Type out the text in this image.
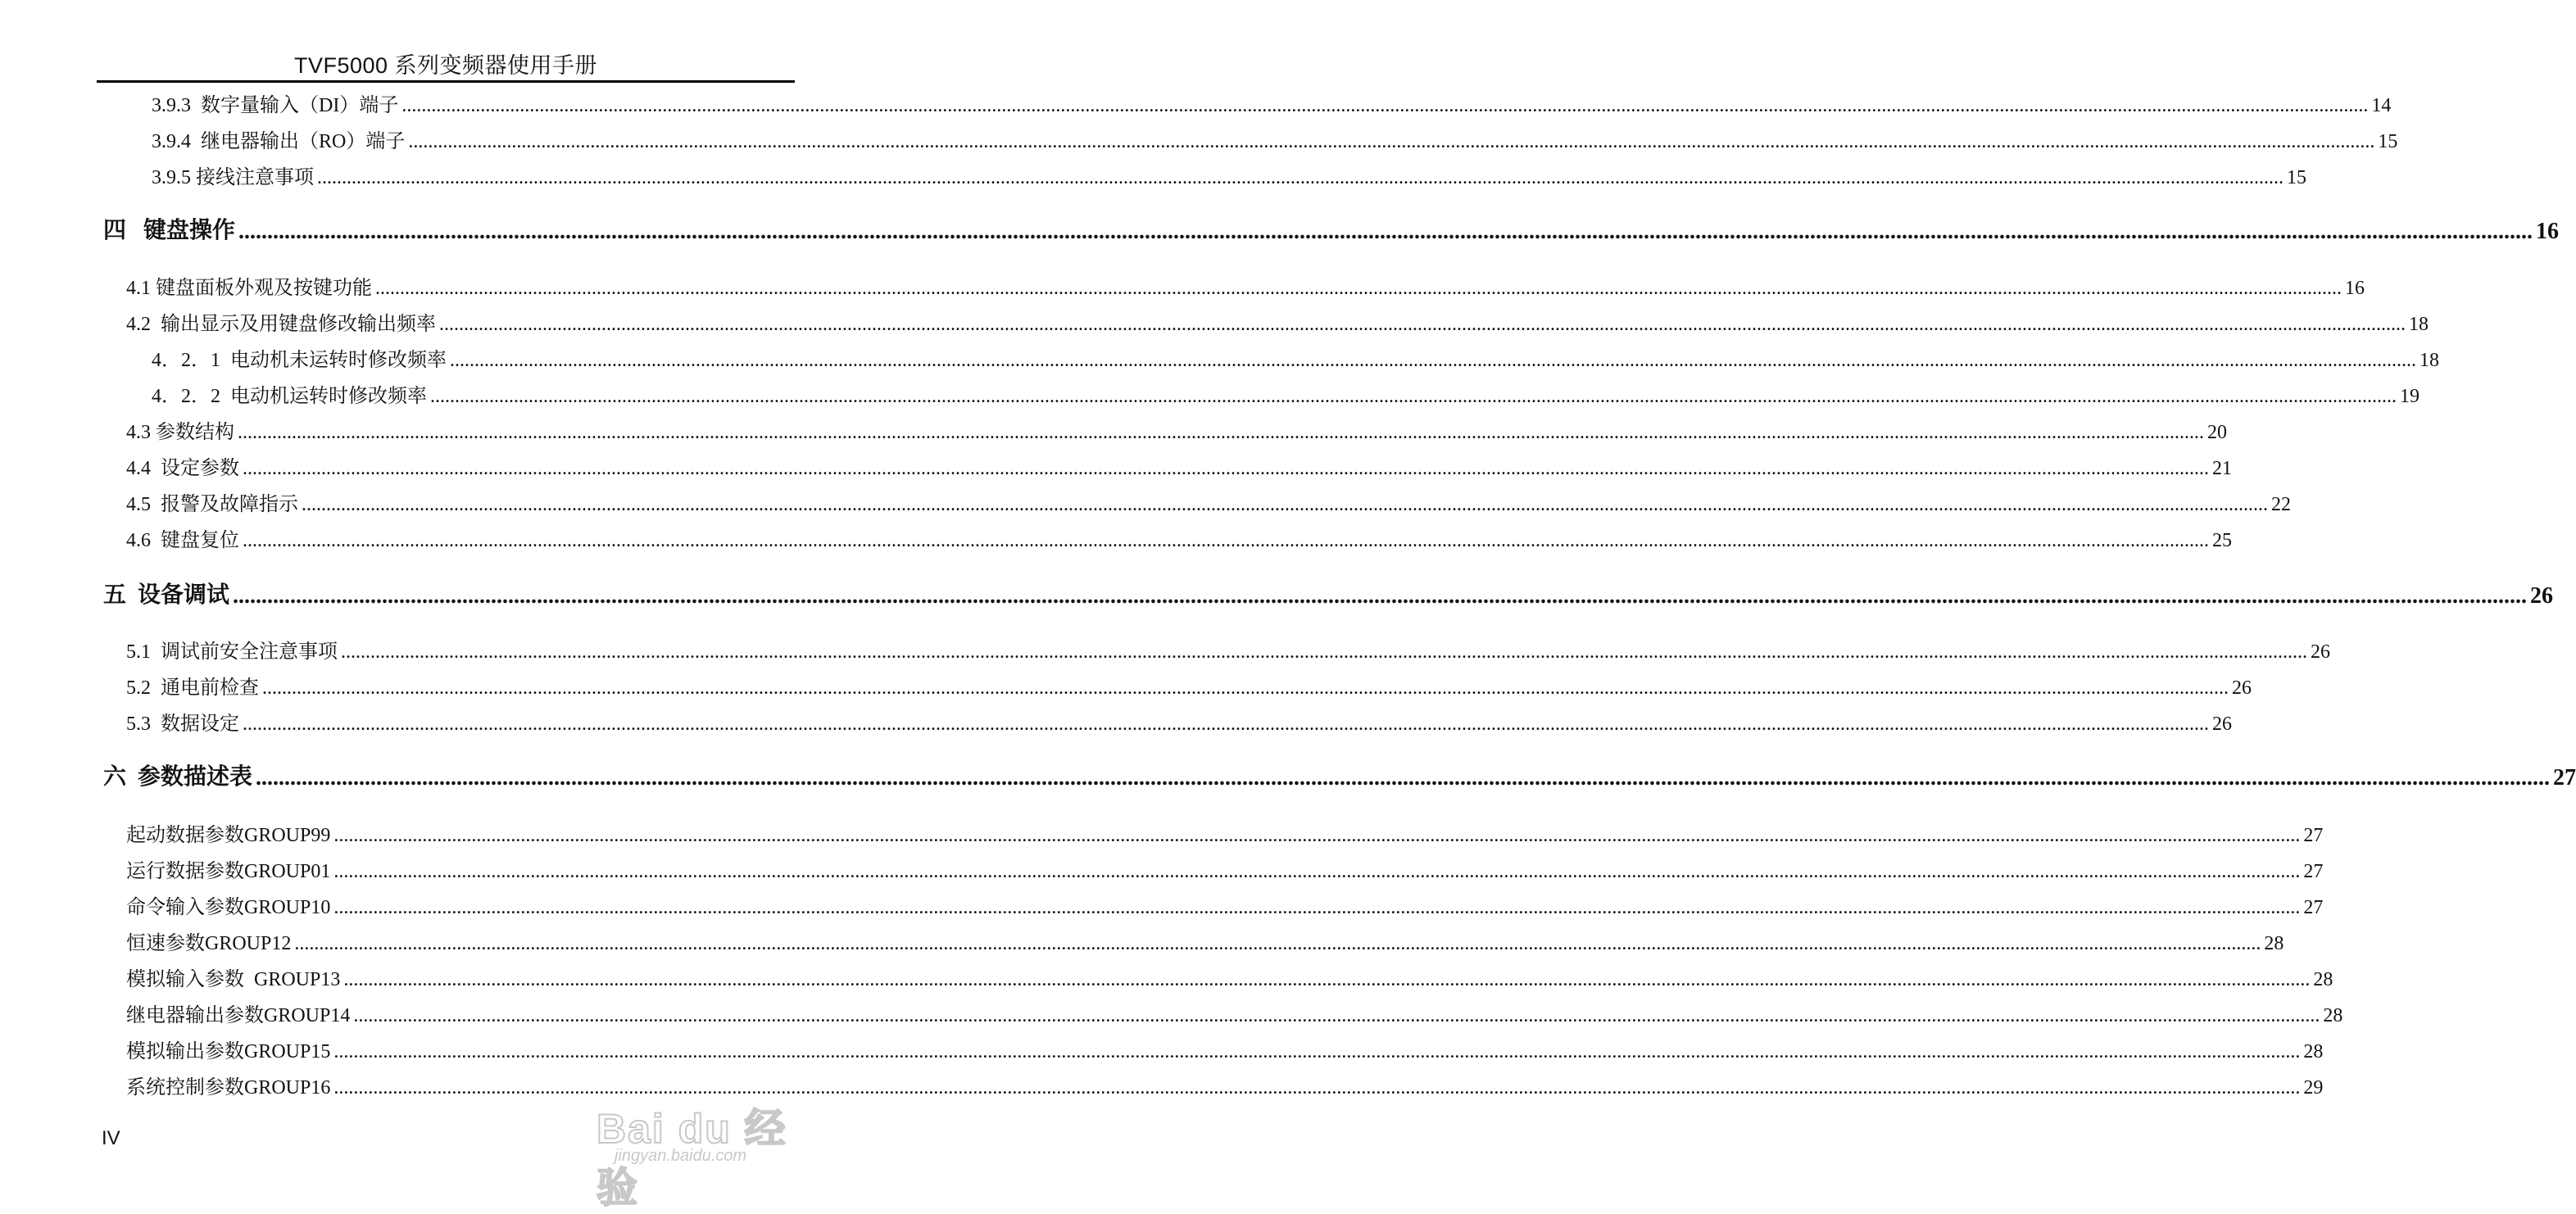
TVF5000 系列变频器使用手册
3.9.3  数字量输入（DI）端子 ................................................................................................................................................................................................................................................................................................................................................................................................................ 14
3.9.4  继电器输出（RO）端子 ................................................................................................................................................................................................................................................................................................................................................................................................................ 15
3.9.5 接线注意事项 ................................................................................................................................................................................................................................................................................................................................................................................................................ 15
四   键盘操作 ................................................................................................................................................................................................................................................................................................................................................................................................................ 16
4.1 键盘面板外观及按键功能 ................................................................................................................................................................................................................................................................................................................................................................................................................ 16
4.2  输出显示及用键盘修改输出频率 ................................................................................................................................................................................................................................................................................................................................................................................................................ 18
4．2．1  电动机未运转时修改频率 ................................................................................................................................................................................................................................................................................................................................................................................................................ 18
4．2．2  电动机运转时修改频率 ................................................................................................................................................................................................................................................................................................................................................................................................................ 19
4.3 参数结构 ................................................................................................................................................................................................................................................................................................................................................................................................................ 20
4.4  设定参数 ................................................................................................................................................................................................................................................................................................................................................................................................................ 21
4.5  报警及故障指示 ................................................................................................................................................................................................................................................................................................................................................................................................................ 22
4.6  键盘复位 ................................................................................................................................................................................................................................................................................................................................................................................................................ 25
五  设备调试 ................................................................................................................................................................................................................................................................................................................................................................................................................ 26
5.1  调试前安全注意事项 ................................................................................................................................................................................................................................................................................................................................................................................................................ 26
5.2  通电前检查 ................................................................................................................................................................................................................................................................................................................................................................................................................ 26
5.3  数据设定 ................................................................................................................................................................................................................................................................................................................................................................................................................ 26
六  参数描述表 ................................................................................................................................................................................................................................................................................................................................................................................................................ 27
起动数据参数GROUP99 ................................................................................................................................................................................................................................................................................................................................................................................................................ 27
运行数据参数GROUP01 ................................................................................................................................................................................................................................................................................................................................................................................................................ 27
命令输入参数GROUP10 ................................................................................................................................................................................................................................................................................................................................................................................................................ 27
恒速参数GROUP12 ................................................................................................................................................................................................................................................................................................................................................................................................................ 28
模拟输入参数  GROUP13 ................................................................................................................................................................................................................................................................................................................................................................................................................ 28
继电器输出参数GROUP14 ................................................................................................................................................................................................................................................................................................................................................................................................................ 28
模拟输出参数GROUP15 ................................................................................................................................................................................................................................................................................................................................................................................................................ 28
系统控制参数GROUP16 ................................................................................................................................................................................................................................................................................................................................................................................................................ 29
IV	Bai du 经验
jingyan.baidu.com
